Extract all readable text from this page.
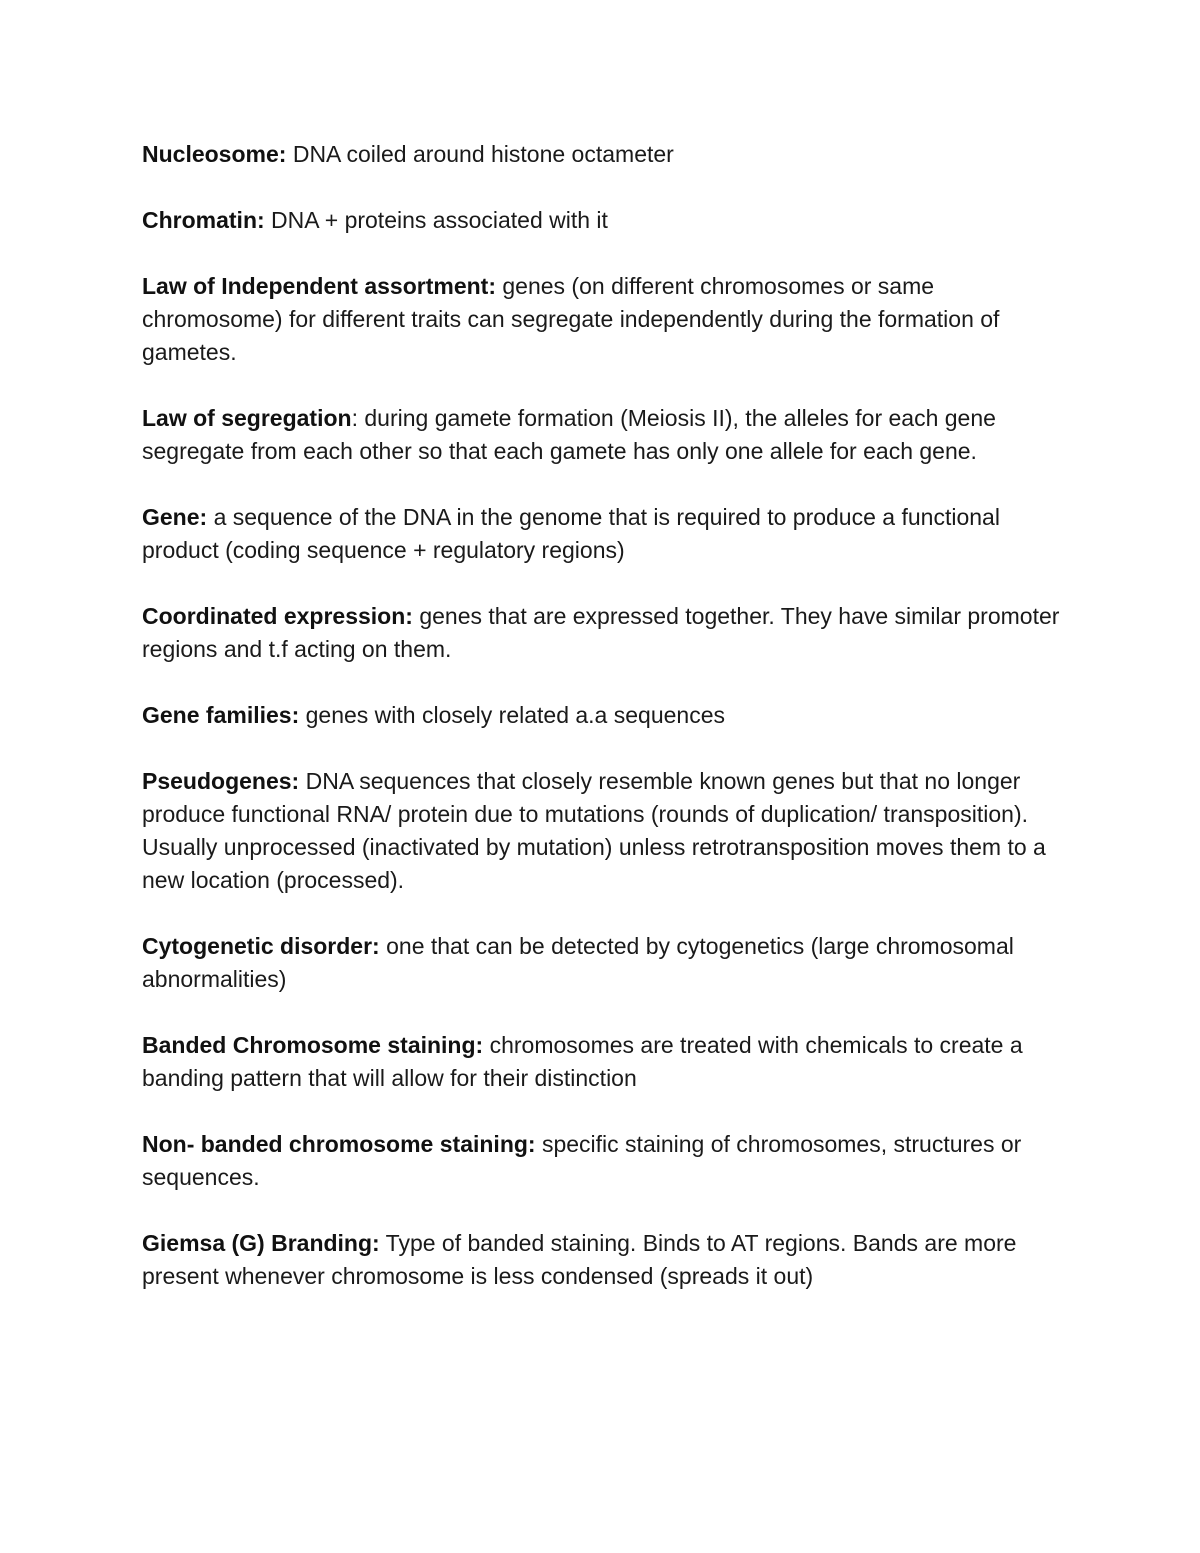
Nucleosome: DNA coiled around histone octameter

Chromatin: DNA + proteins associated with it

Law of Independent assortment: genes (on different chromosomes or same chromosome) for different traits can segregate independently during the formation of gametes.

Law of segregation: during gamete formation (Meiosis II), the alleles for each gene segregate from each other so that each gamete has only one allele for each gene.

Gene: a sequence of the DNA in the genome that is required to produce a functional product (coding sequence + regulatory regions)

Coordinated expression: genes that are expressed together. They have similar promoter regions and t.f acting on them.

Gene families: genes with closely related a.a sequences

Pseudogenes: DNA sequences that closely resemble known genes but that no longer produce functional RNA/ protein due to mutations (rounds of duplication/ transposition). Usually unprocessed (inactivated by mutation) unless retrotransposition moves them to a new location (processed).

Cytogenetic disorder: one that can be detected by cytogenetics (large chromosomal abnormalities)

Banded Chromosome staining: chromosomes are treated with chemicals to create a banding pattern that will allow for their distinction

Non- banded chromosome staining: specific staining of chromosomes, structures or sequences.

Giemsa (G) Branding: Type of banded staining. Binds to AT regions. Bands are more present whenever chromosome is less condensed (spreads it out)
